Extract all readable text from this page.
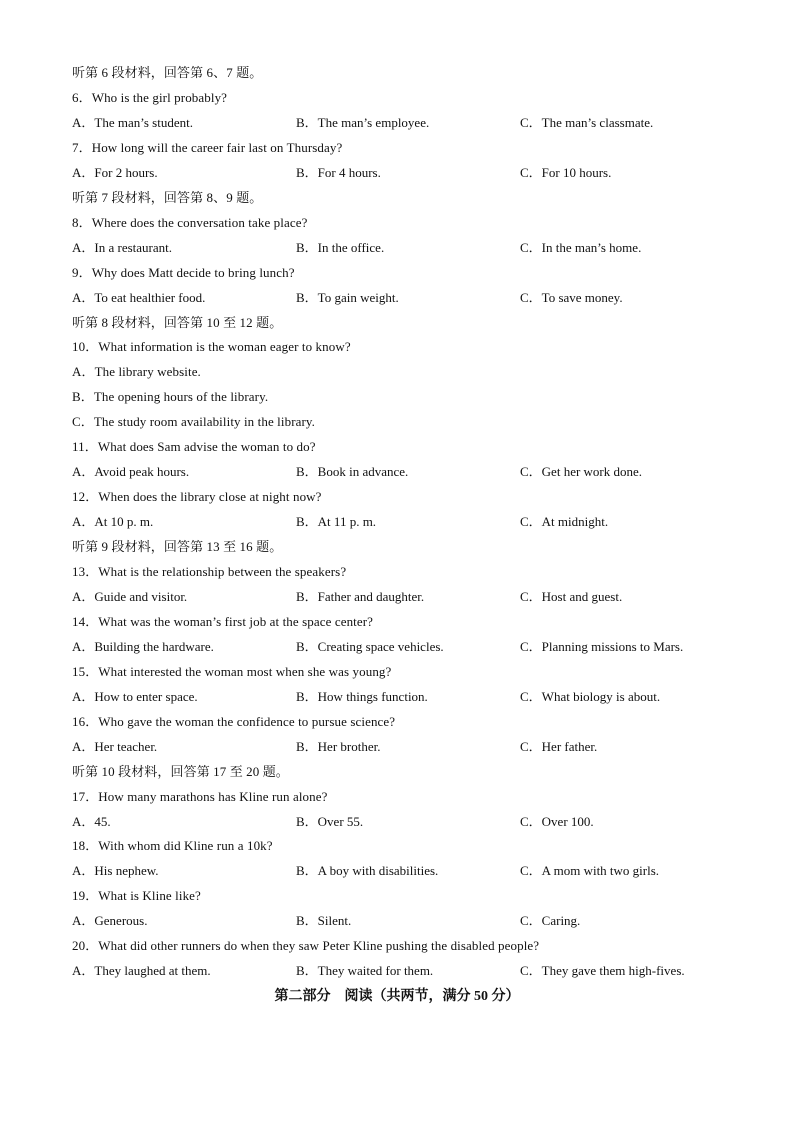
听第 6 段材料，回答第 6、7 题。
6．Who is the girl probably?
A．The man’s student.	B．The man’s employee.	C．The man’s classmate.
7．How long will the career fair last on Thursday?
A．For 2 hours.	B．For 4 hours.	C．For 10 hours.
听第 7 段材料，回答第 8、9 题。
8．Where does the conversation take place?
A．In a restaurant.	B．In the office.	C．In the man’s home.
9．Why does Matt decide to bring lunch?
A．To eat healthier food.	B．To gain weight.	C．To save money.
听第 8 段材料，回答第 10 至 12 题。
10．What information is the woman eager to know?
A．The library website.
B．The opening hours of the library.
C．The study room availability in the library.
11．What does Sam advise the woman to do?
A．Avoid peak hours.	B．Book in advance.	C．Get her work done.
12．When does the library close at night now?
A．At 10 p. m.	B．At 11 p. m.	C．At midnight.
听第 9 段材料，回答第 13 至 16 题。
13．What is the relationship between the speakers?
A．Guide and visitor.	B．Father and daughter.	C．Host and guest.
14．What was the woman’s first job at the space center?
A．Building the hardware.	B．Creating space vehicles.	C．Planning missions to Mars.
15．What interested the woman most when she was young?
A．How to enter space.	B．How things function.	C．What biology is about.
16．Who gave the woman the confidence to pursue science?
A．Her teacher.	B．Her brother.	C．Her father.
听第 10 段材料，回答第 17 至 20 题。
17．How many marathons has Kline run alone?
A．45.	B．Over 55.	C．Over 100.
18．With whom did Kline run a 10k?
A．His nephew.	B．A boy with disabilities.	C．A mom with two girls.
19．What is Kline like?
A．Generous.	B．Silent.	C．Caring.
20．What did other runners do when they saw Peter Kline pushing the disabled people?
A．They laughed at them.	B．They waited for them.	C．They gave them high-fives.
第二部分　阅读（共两节，满分 50 分）
